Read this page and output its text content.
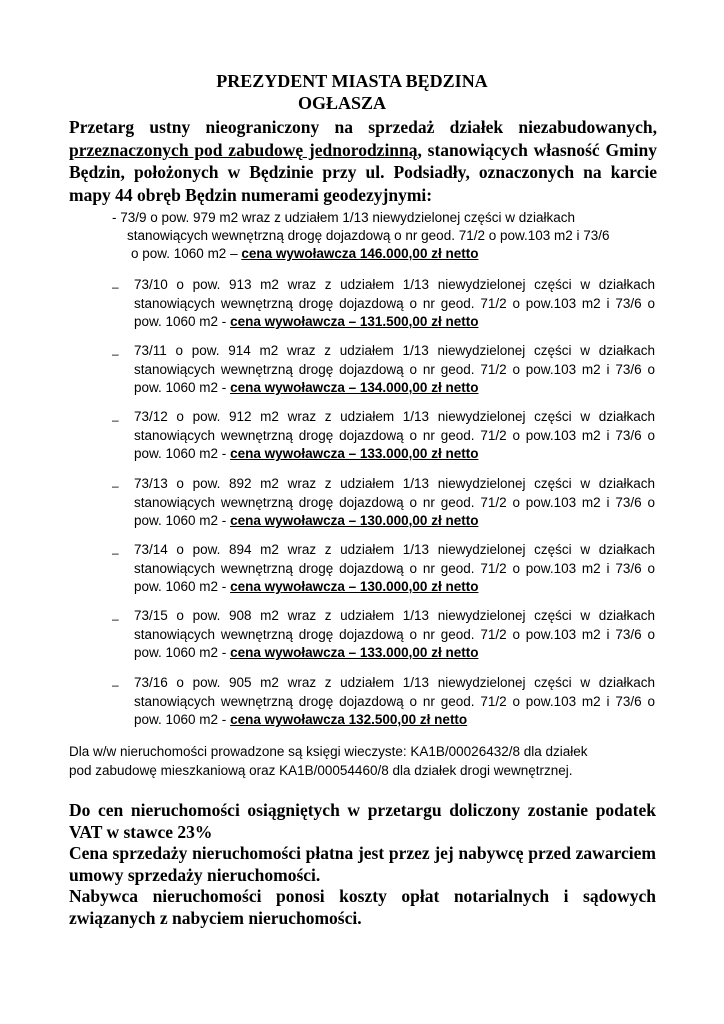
PREZYDENT MIASTA BĘDZINA
OGŁASZA

Przetarg ustny nieograniczony na sprzedaż działek niezabudowanych, przeznaczonych pod zabudowę jednorodzinną, stanowiących własność Gminy Będzin, położonych w Będzinie przy ul. Podsiadły, oznaczonych na karcie mapy 44 obręb Będzin numerami geodezyjnymi:

- 73/9 o pow. 979 m2 wraz z udziałem 1/13 niewydzielonej części w działkach
stanowiących wewnętrzną drogę dojazdową o nr geod. 71/2 o pow.103 m2 i 73/6
o pow. 1060 m2 – cena wywoławcza 146.000,00 zł netto
– 73/10 o pow. 913 m2 wraz z udziałem 1/13 niewydzielonej części w działkach stanowiących wewnętrzną drogę dojazdową o nr geod. 71/2 o pow.103 m2 i 73/6 o pow. 1060 m2 - cena wywoławcza – 131.500,00 zł netto

– 73/11 o pow. 914 m2 wraz z udziałem 1/13 niewydzielonej części w działkach stanowiących wewnętrzną drogę dojazdową o nr geod. 71/2 o pow.103 m2 i 73/6 o pow. 1060 m2 - cena wywoławcza – 134.000,00 zł netto

– 73/12 o pow. 912 m2 wraz z udziałem 1/13 niewydzielonej części w działkach stanowiących wewnętrzną drogę dojazdową o nr geod. 71/2 o pow.103 m2 i 73/6 o pow. 1060 m2 - cena wywoławcza – 133.000,00 zł netto

– 73/13 o pow. 892 m2 wraz z udziałem 1/13 niewydzielonej części w działkach stanowiących wewnętrzną drogę dojazdową o nr geod. 71/2 o pow.103 m2 i 73/6 o pow. 1060 m2 - cena wywoławcza – 130.000,00 zł netto

– 73/14 o pow. 894 m2 wraz z udziałem 1/13 niewydzielonej części w działkach stanowiących wewnętrzną drogę dojazdową o nr geod. 71/2 o pow.103 m2 i 73/6 o pow. 1060 m2 - cena wywoławcza – 130.000,00 zł netto

– 73/15 o pow. 908 m2 wraz z udziałem 1/13 niewydzielonej części w działkach stanowiących wewnętrzną drogę dojazdową o nr geod. 71/2 o pow.103 m2 i 73/6 o pow. 1060 m2 - cena wywoławcza – 133.000,00 zł netto

– 73/16 o pow. 905 m2 wraz z udziałem 1/13 niewydzielonej części w działkach stanowiących wewnętrzną drogę dojazdową o nr geod. 71/2 o pow.103 m2 i 73/6 o pow. 1060 m2 - cena wywoławcza 132.500,00 zł netto

Dla w/w nieruchomości prowadzone są księgi wieczyste: KA1B/00026432/8 dla działek
pod zabudowę mieszkaniową oraz KA1B/00054460/8 dla działek drogi wewnętrznej.

Do cen nieruchomości osiągniętych w przetargu doliczony zostanie podatek VAT w stawce 23%

Cena sprzedaży nieruchomości płatna jest przez jej nabywcę przed zawarciem umowy sprzedaży nieruchomości.

Nabywca nieruchomości ponosi koszty opłat notarialnych i sądowych związanych z nabyciem nieruchomości.
